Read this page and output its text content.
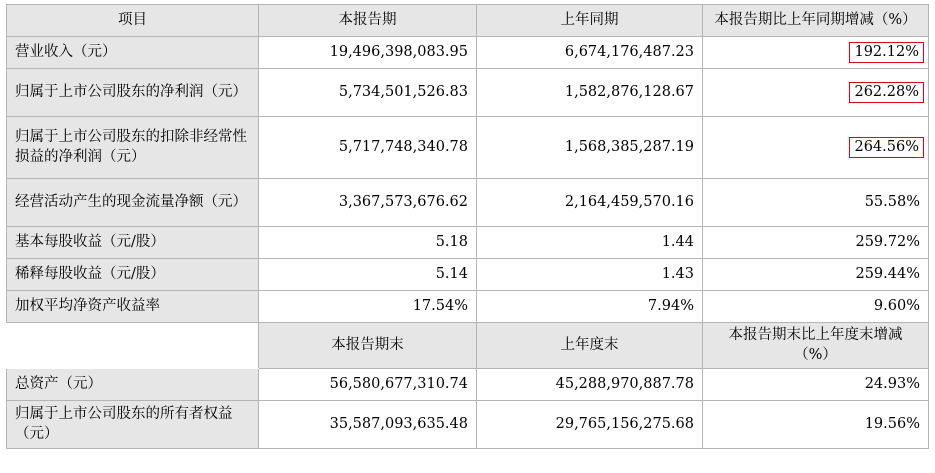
项目	本报告期	上年同期	本报告期比上年同期增减（%）
营业收入（元）	19,496,398,083.95	6,674,176,487.23	192.12%
归属于上市公司股东的净利润（元）	5,734,501,526.83	1,582,876,128.67	262.28%
归属于上市公司股东的扣除非经常性损益的净利润（元）	5,717,748,340.78	1,568,385,287.19	264.56%
经营活动产生的现金流量净额（元）	3,367,573,676.62	2,164,459,570.16	55.58%
基本每股收益（元/股）	5.18	1.44	259.72%
稀释每股收益（元/股）	5.14	1.43	259.44%
加权平均净资产收益率	17.54%	7.94%	9.60%
	本报告期末	上年度末	本报告期末比上年度末增减（%）
总资产（元）	56,580,677,310.74	45,288,970,887.78	24.93%
归属于上市公司股东的所有者权益（元）	35,587,093,635.48	29,765,156,275.68	19.56%
